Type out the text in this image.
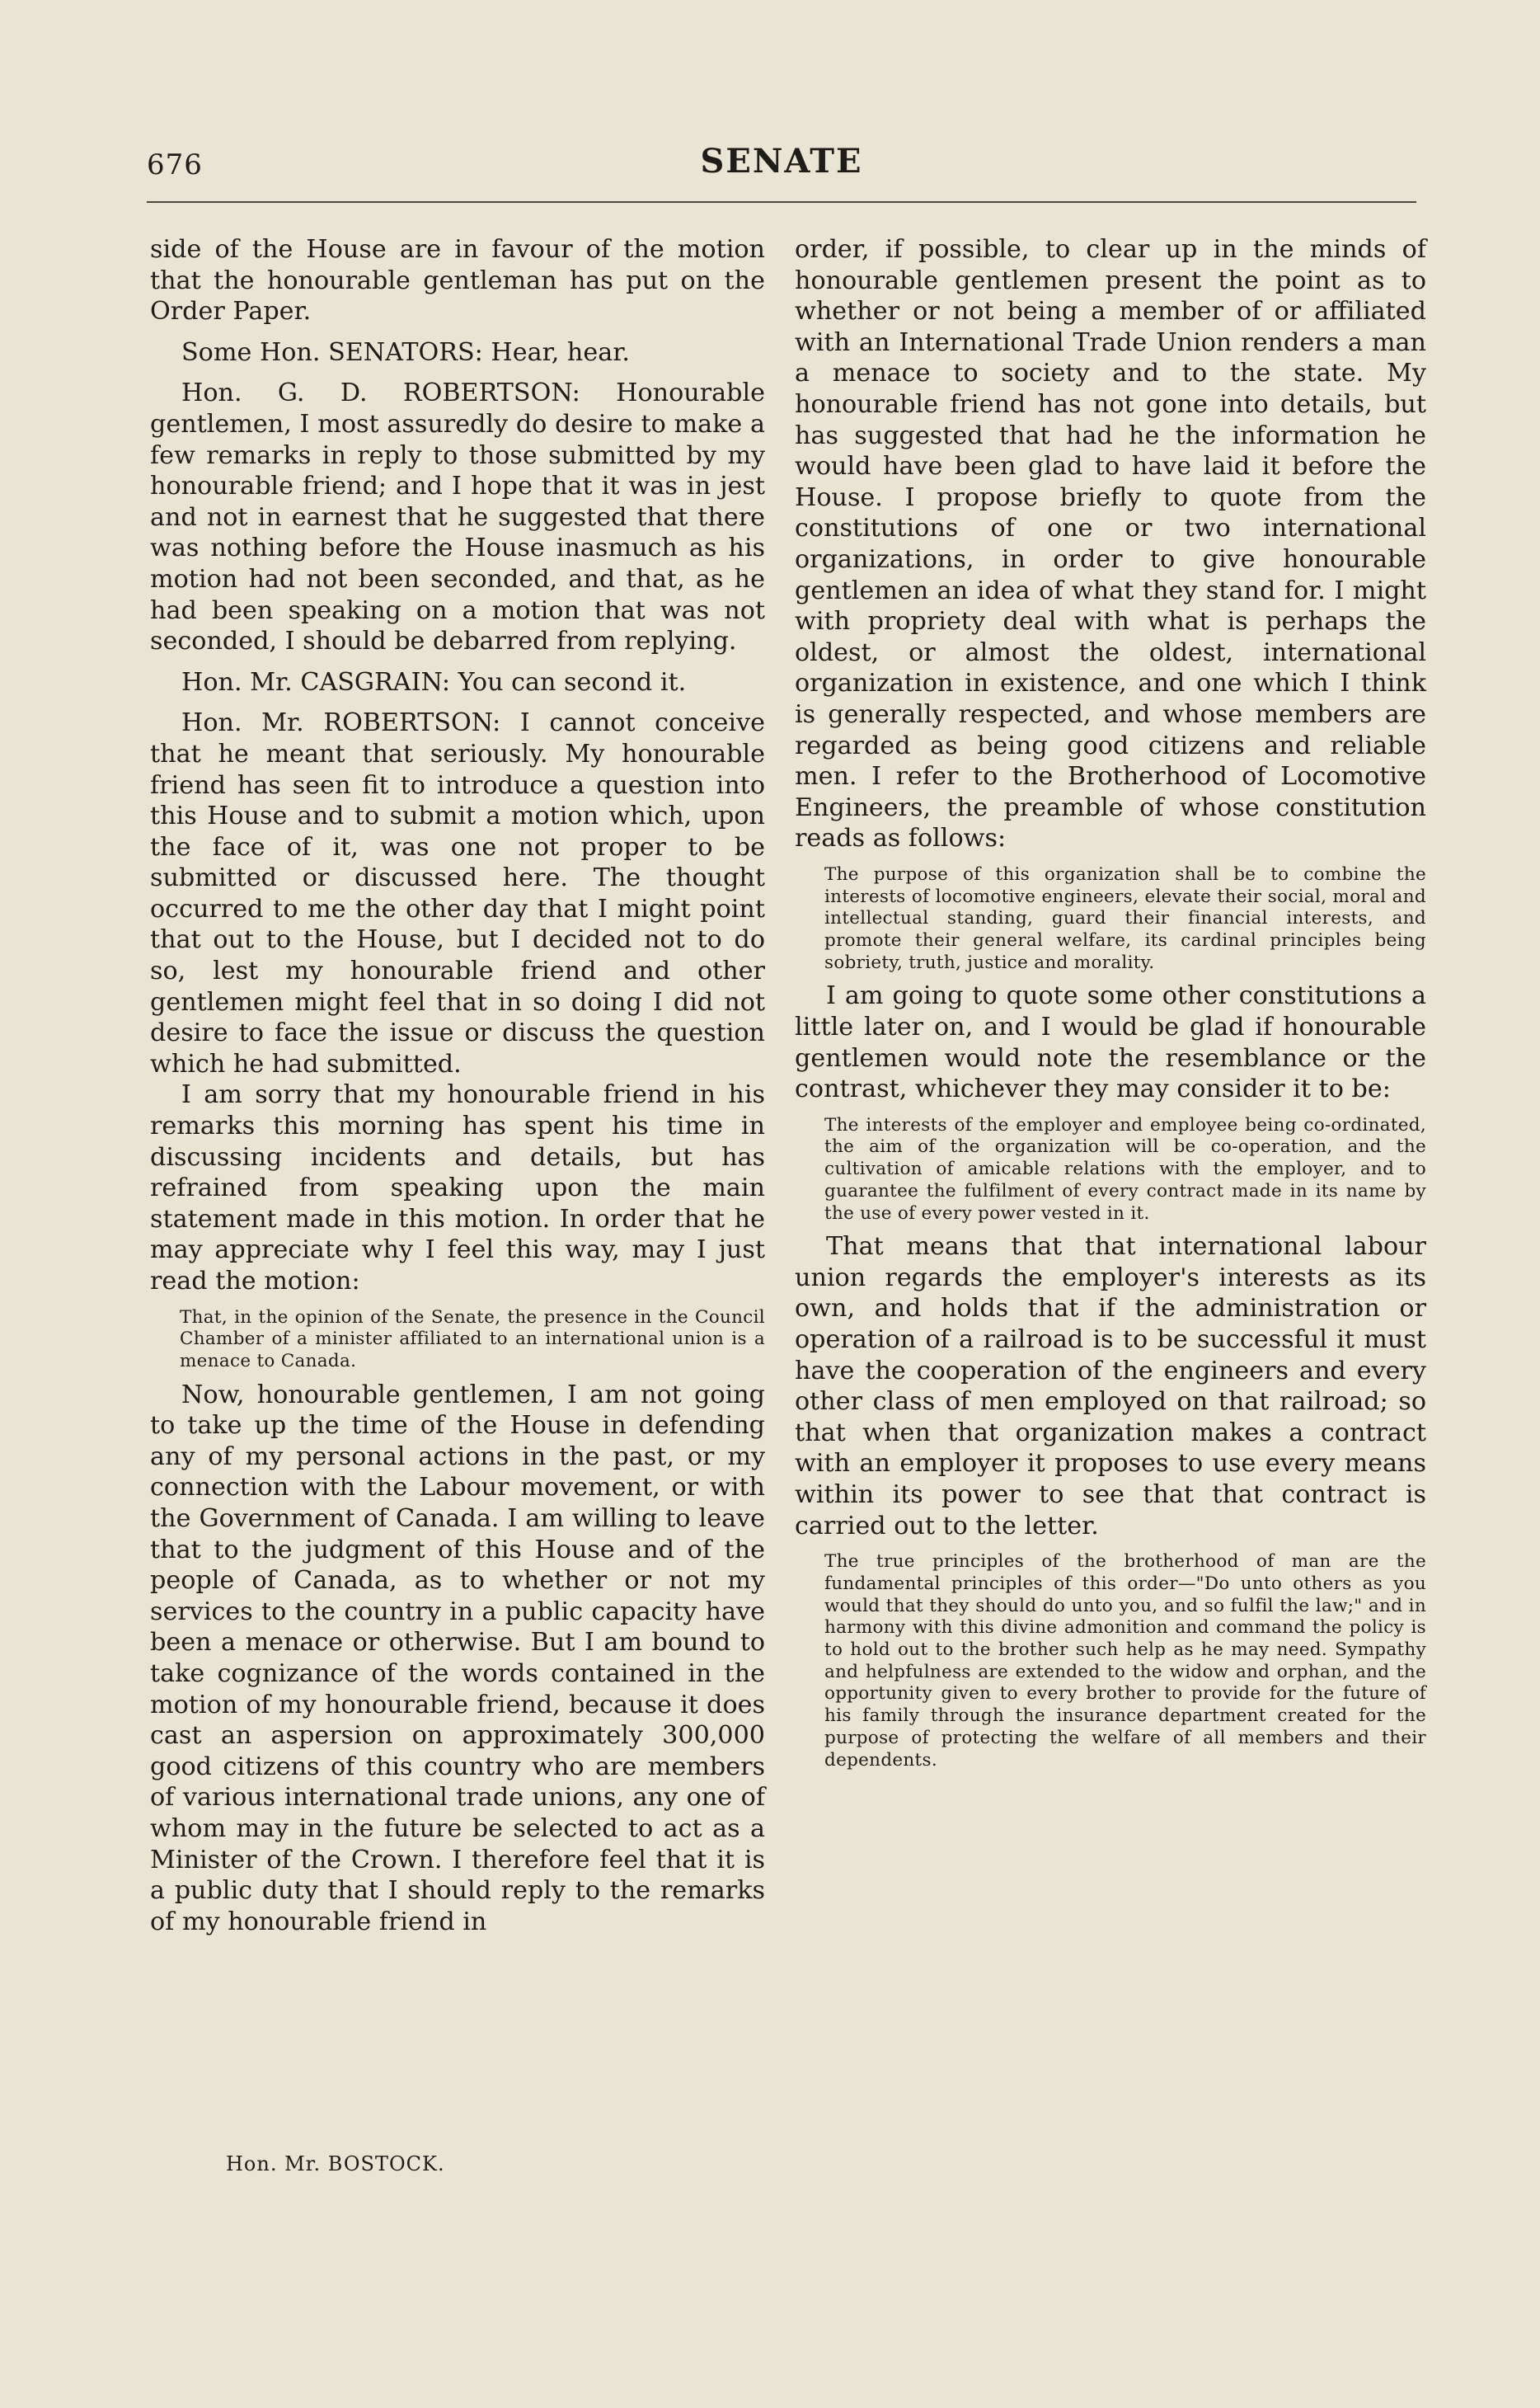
676	SENATE

side of the House are in favour of the motion that the honourable gentleman has put on the Order Paper.

Some Hon. SENATORS: Hear, hear.

Hon. G. D. ROBERTSON: Honourable gentlemen, I most assuredly do desire to make a few remarks in reply to those submitted by my honourable friend; and I hope that it was in jest and not in earnest that he suggested that there was nothing before the House inasmuch as his motion had not been seconded, and that, as he had been speaking on a motion that was not seconded, I should be debarred from replying.

Hon. Mr. CASGRAIN: You can second it.

Hon. Mr. ROBERTSON: I cannot conceive that he meant that seriously. My honourable friend has seen fit to introduce a question into this House and to submit a motion which, upon the face of it, was one not proper to be submitted or discussed here. The thought occurred to me the other day that I might point that out to the House, but I decided not to do so, lest my honourable friend and other gentlemen might feel that in so doing I did not desire to face the issue or discuss the question which he had submitted.

I am sorry that my honourable friend in his remarks this morning has spent his time in discussing incidents and details, but has refrained from speaking upon the main statement made in this motion. In order that he may appreciate why I feel this way, may I just read the motion:

That, in the opinion of the Senate, the presence in the Council Chamber of a minister affiliated to an international union is a menace to Canada.

Now, honourable gentlemen, I am not going to take up the time of the House in defending any of my personal actions in the past, or my connection with the Labour movement, or with the Government of Canada. I am willing to leave that to the judgment of this House and of the people of Canada, as to whether or not my services to the country in a public capacity have been a menace or otherwise. But I am bound to take cognizance of the words contained in the motion of my honourable friend, because it does cast an aspersion on approximately 300,000 good citizens of this country who are members of various international trade unions, any one of whom may in the future be selected to act as a Minister of the Crown. I therefore feel that it is a public duty that I should reply to the remarks of my honourable friend in

order, if possible, to clear up in the minds of honourable gentlemen present the point as to whether or not being a member of or affiliated with an International Trade Union renders a man a menace to society and to the state. My honourable friend has not gone into details, but has suggested that had he the information he would have been glad to have laid it before the House. I propose briefly to quote from the constitutions of one or two international organizations, in order to give honourable gentlemen an idea of what they stand for. I might with propriety deal with what is perhaps the oldest, or almost the oldest, international organization in existence, and one which I think is generally respected, and whose members are regarded as being good citizens and reliable men. I refer to the Brotherhood of Locomotive Engineers, the preamble of whose constitution reads as follows:

The purpose of this organization shall be to combine the interests of locomotive engineers, elevate their social, moral and intellectual standing, guard their financial interests, and promote their general welfare, its cardinal principles being sobriety, truth, justice and morality.

I am going to quote some other constitutions a little later on, and I would be glad if honourable gentlemen would note the resemblance or the contrast, whichever they may consider it to be:

The interests of the employer and employee being co-ordinated, the aim of the organization will be co-operation, and the cultivation of amicable relations with the employer, and to guarantee the fulfilment of every contract made in its name by the use of every power vested in it.

That means that that international labour union regards the employer's interests as its own, and holds that if the administration or operation of a railroad is to be successful it must have the cooperation of the engineers and every other class of men employed on that railroad; so that when that organization makes a contract with an employer it proposes to use every means within its power to see that that contract is carried out to the letter.

The true principles of the brotherhood of man are the fundamental principles of this order—"Do unto others as you would that they should do unto you, and so fulfil the law;" and in harmony with this divine admonition and command the policy is to hold out to the brother such help as he may need. Sympathy and helpfulness are extended to the widow and orphan, and the opportunity given to every brother to provide for the future of his family through the insurance department created for the purpose of protecting the welfare of all members and their dependents.
Hon. Mr. BOSTOCK.
